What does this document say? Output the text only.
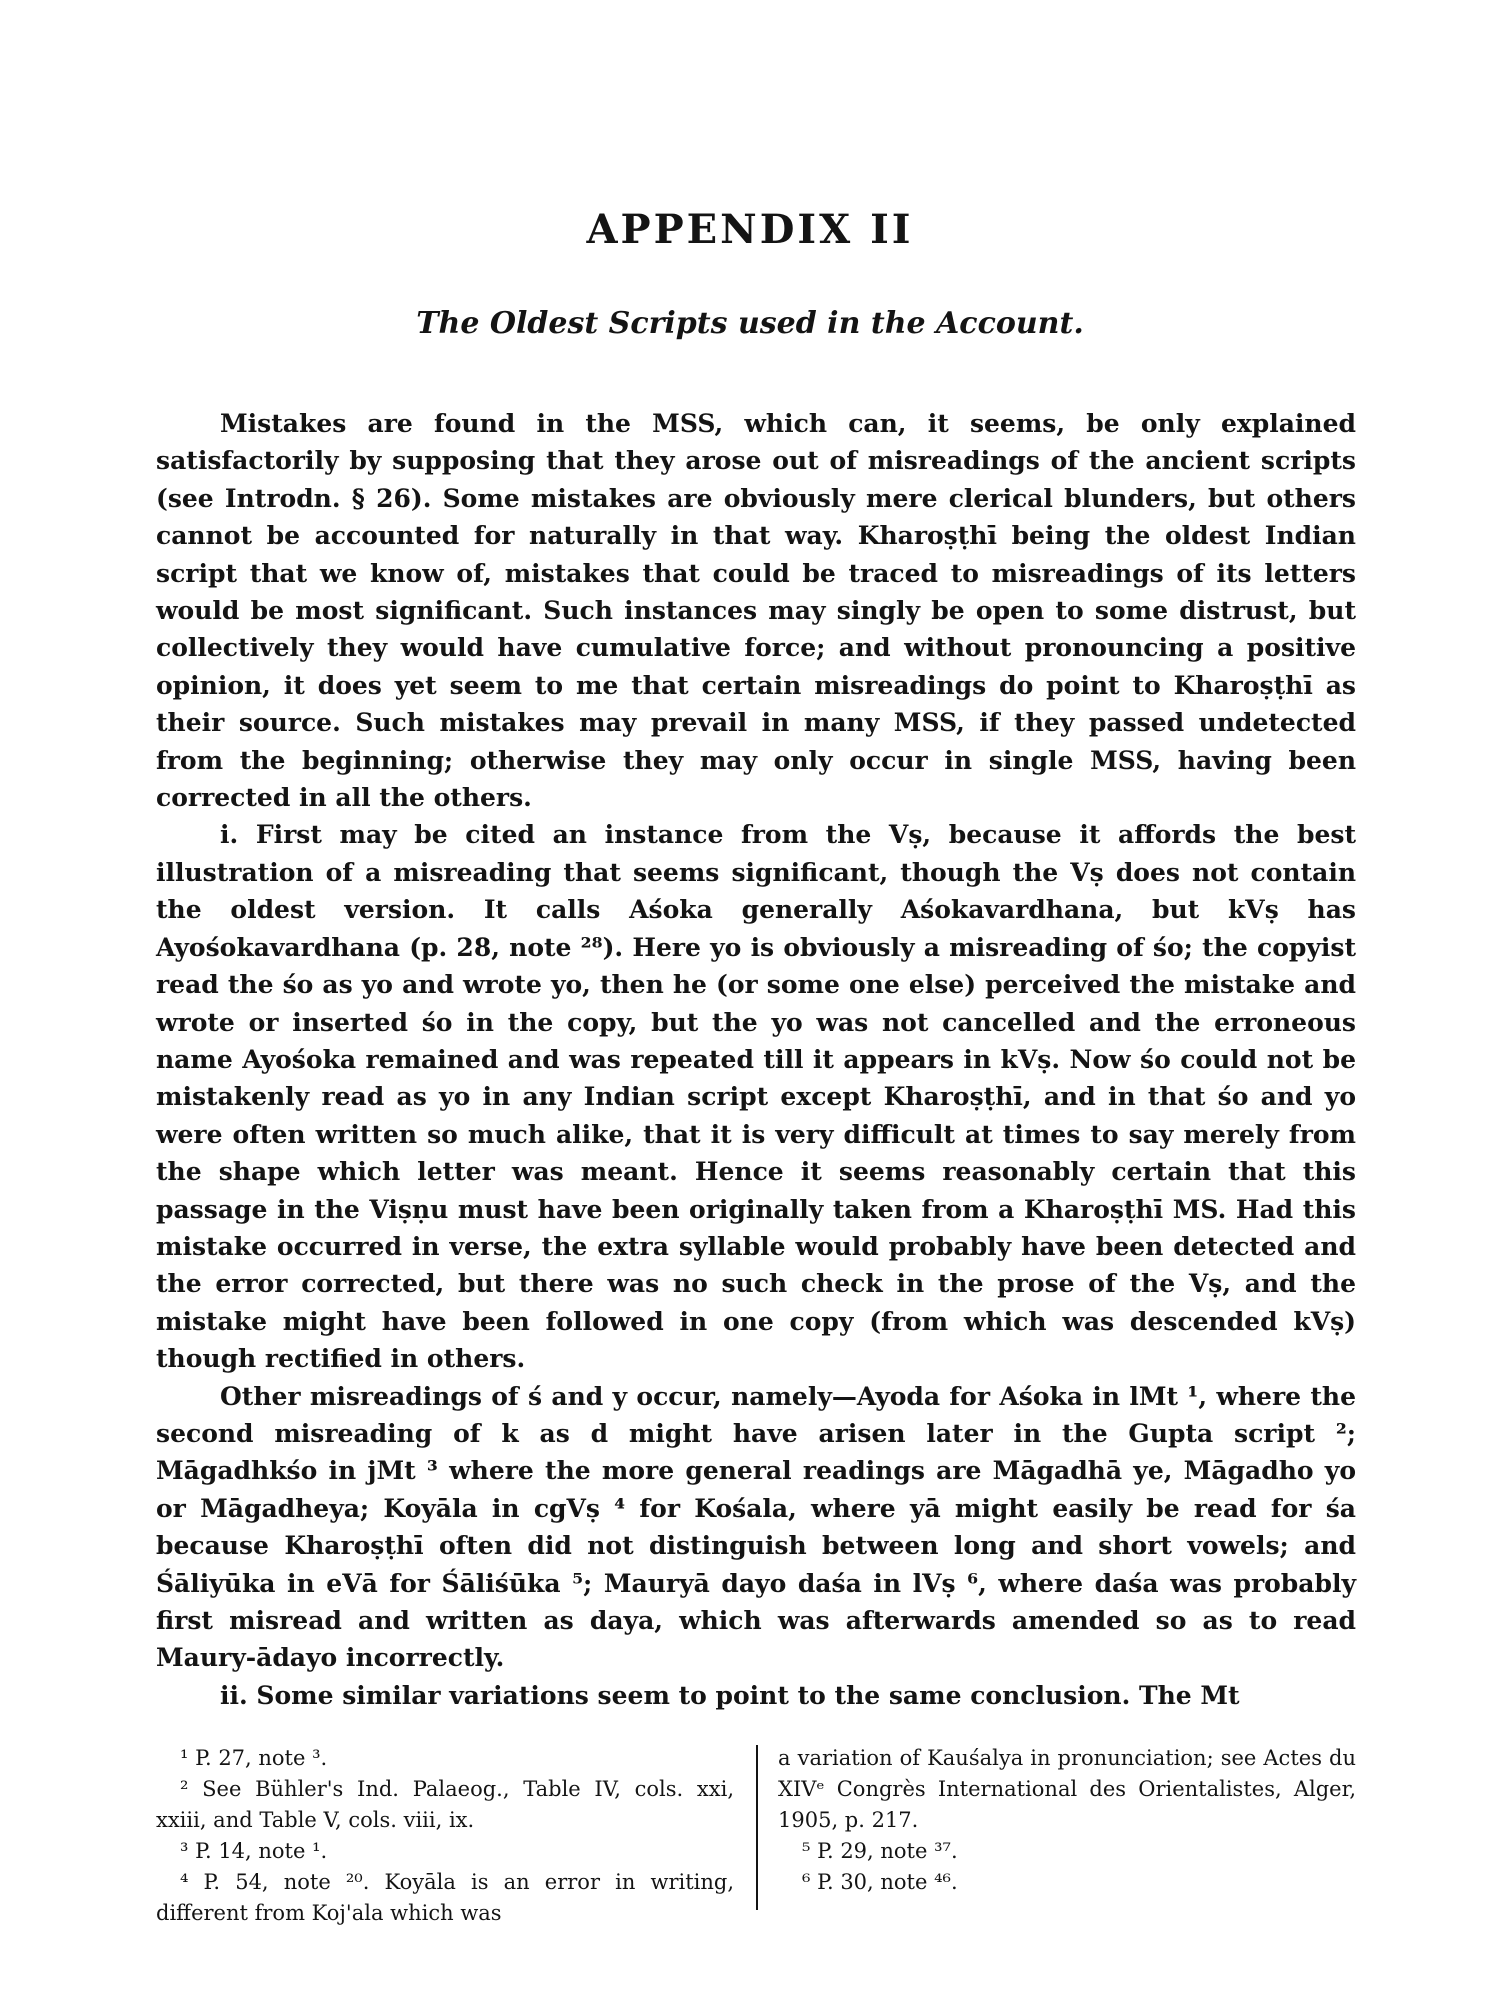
APPENDIX II
The Oldest Scripts used in the Account.

Mistakes are found in the MSS, which can, it seems, be only explained satisfactorily by supposing that they arose out of misreadings of the ancient scripts (see Introdn. § 26). Some mistakes are obviously mere clerical blunders, but others cannot be accounted for naturally in that way. Kharoṣṭhī being the oldest Indian script that we know of, mistakes that could be traced to misreadings of its letters would be most significant. Such instances may singly be open to some distrust, but collectively they would have cumulative force; and without pronouncing a positive opinion, it does yet seem to me that certain misreadings do point to Kharoṣṭhī as their source. Such mistakes may prevail in many MSS, if they passed undetected from the beginning; otherwise they may only occur in single MSS, having been corrected in all the others.

i. First may be cited an instance from the Vṣ, because it affords the best illustration of a misreading that seems significant, though the Vṣ does not contain the oldest version. It calls Aśoka generally Aśokavardhana, but kVṣ has Ayośokavardhana (p. 28, note ²⁸). Here yo is obviously a misreading of śo; the copyist read the śo as yo and wrote yo, then he (or some one else) perceived the mistake and wrote or inserted śo in the copy, but the yo was not cancelled and the erroneous name Ayośoka remained and was repeated till it appears in kVṣ. Now śo could not be mistakenly read as yo in any Indian script except Kharoṣṭhī, and in that śo and yo were often written so much alike, that it is very difficult at times to say merely from the shape which letter was meant. Hence it seems reasonably certain that this passage in the Viṣṇu must have been originally taken from a Kharoṣṭhī MS. Had this mistake occurred in verse, the extra syllable would probably have been detected and the error corrected, but there was no such check in the prose of the Vṣ, and the mistake might have been followed in one copy (from which was descended kVṣ) though rectified in others.

Other misreadings of ś and y occur, namely—Ayoda for Aśoka in lMt ¹, where the second misreading of k as d might have arisen later in the Gupta script ²; Māgadhkśo in jMt ³ where the more general readings are Māgadhā ye, Māgadho yo or Māgadheya; Koyāla in cgVṣ ⁴ for Kośala, where yā might easily be read for śa because Kharoṣṭhī often did not distinguish between long and short vowels; and Śāliyūka in eVā for Śāliśūka ⁵; Mauryā dayo daśa in lVṣ ⁶, where daśa was probably first misread and written as daya, which was afterwards amended so as to read Maury-ādayo incorrectly.

ii. Some similar variations seem to point to the same conclusion. The Mt

¹ P. 27, note ³.

² See Bühler's Ind. Palaeog., Table IV, cols. xxi, xxiii, and Table V, cols. viii, ix.

³ P. 14, note ¹.

⁴ P. 54, note ²⁰. Koyāla is an error in writing, different from Koj'ala which was

a variation of Kauśalya in pronunciation; see Actes du XIVᵉ Congrès International des Orientalistes, Alger, 1905, p. 217.

⁵ P. 29, note ³⁷.

⁶ P. 30, note ⁴⁶.
